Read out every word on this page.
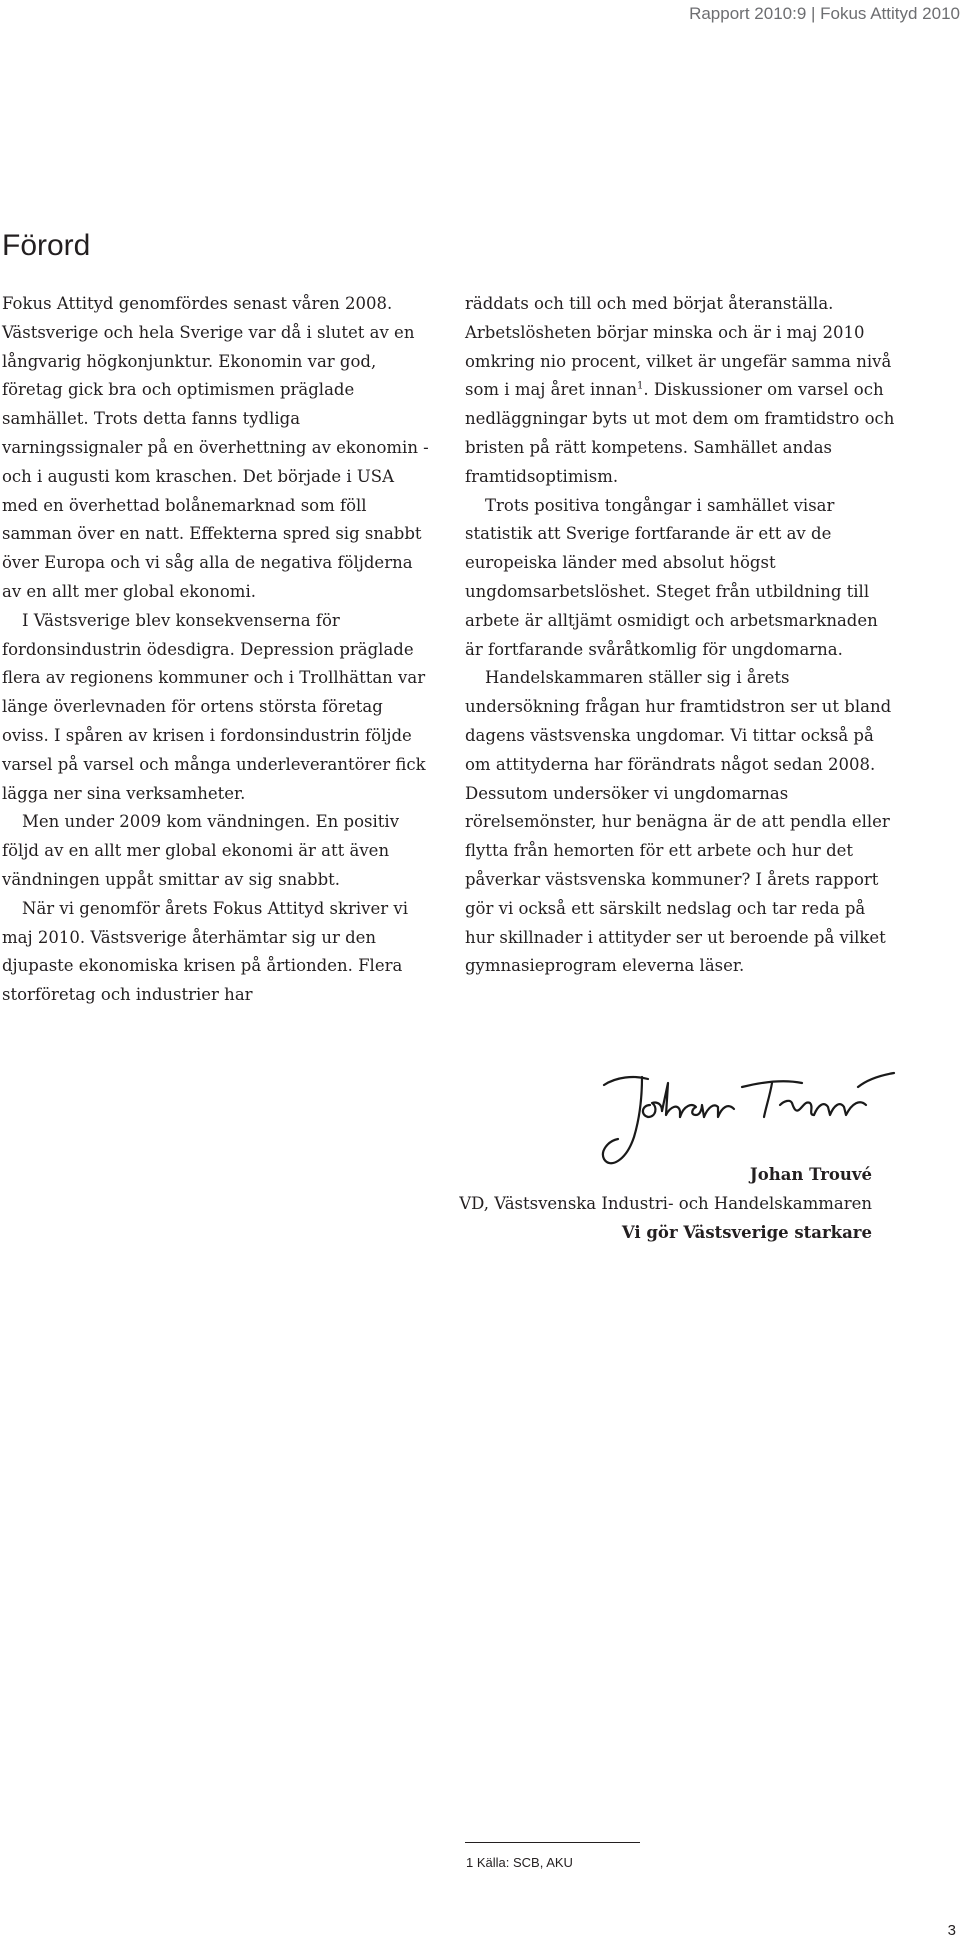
Rapport 2010:9 | Fokus Attityd 2010
Förord

Fokus Attityd genomfördes senast våren 2008. Västsverige och hela Sverige var då i slutet av en långvarig högkonjunktur. Ekonomin var god, företag gick bra och optimismen präglade samhället. Trots detta fanns tydliga varningssignaler på en överhettning av ekonomin - och i augusti kom kraschen. Det började i USA med en överhettad bolånemarknad som föll samman över en natt. Effekterna spred sig snabbt över Europa och vi såg alla de negativa följderna av en allt mer global ekonomi.

I Västsverige blev konsekvenserna för fordonsindustrin ödesdigra. Depression präglade flera av regionens kommuner och i Trollhättan var länge överlevnaden för ortens största företag oviss. I spåren av krisen i fordonsindustrin följde varsel på varsel och många underleverantörer fick lägga ner sina verksamheter.

Men under 2009 kom vändningen. En positiv följd av en allt mer global ekonomi är att även vändningen uppåt smittar av sig snabbt.

När vi genomför årets Fokus Attityd skriver vi maj 2010. Västsverige återhämtar sig ur den djupaste ekonomiska krisen på årtionden. Flera storföretag och industrier har

räddats och till och med börjat återanställa. Arbetslösheten börjar minska och är i maj 2010 omkring nio procent, vilket är ungefär samma nivå som i maj året innan$^1$. Diskussioner om varsel och nedläggningar byts ut mot dem om framtidstro och bristen på rätt kompetens. Samhället andas framtidsoptimism.

Trots positiva tongångar i samhället visar statistik att Sverige fortfarande är ett av de europeiska länder med absolut högst ungdomsarbetslöshet. Steget från utbildning till arbete är alltjämt osmidigt och arbetsmarknaden är fortfarande svåråtkomlig för ungdomarna.

Handelskammaren ställer sig i årets undersökning frågan hur framtidstron ser ut bland dagens västsvenska ungdomar. Vi tittar också på om attityderna har förändrats något sedan 2008. Dessutom undersöker vi ungdomarnas rörelsemönster, hur benägna är de att pendla eller flytta från hemorten för ett arbete och hur det påverkar västsvenska kommuner? I årets rapport gör vi också ett särskilt nedslag och tar reda på hur skillnader i attityder ser ut beroende på vilket gymnasieprogram eleverna läser.

Johan Trouvé
VD, Västsvenska Industri- och Handelskammaren
Vi gör Västsverige starkare
1 Källa: SCB, AKU
3
